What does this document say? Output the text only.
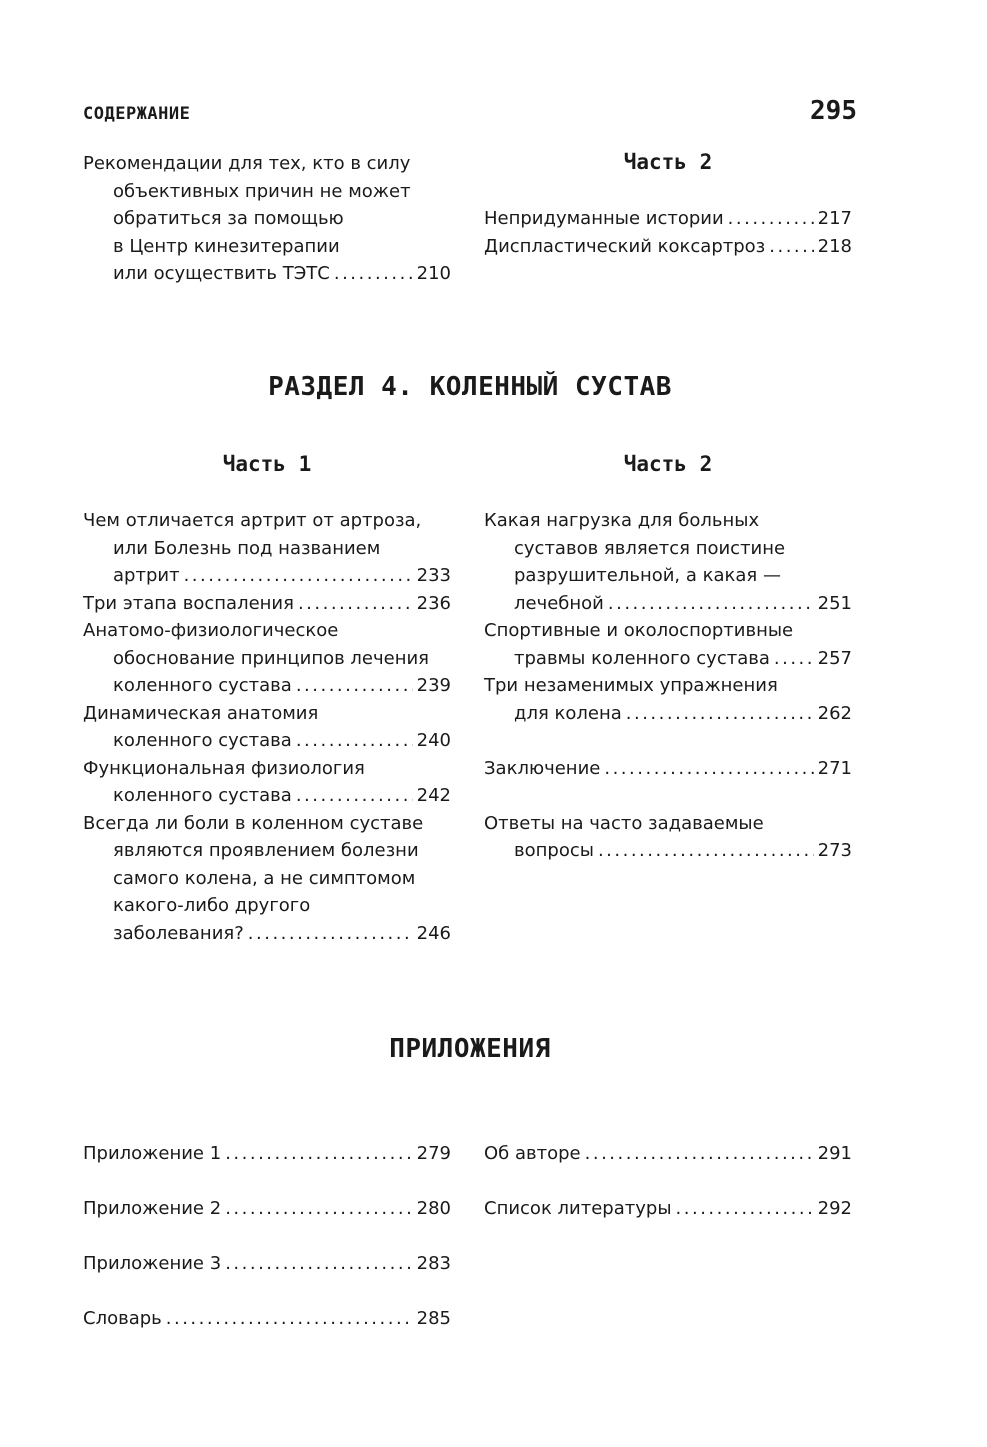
СОДЕРЖАНИЕ	295
Рекомендации для тех, кто в силу
объективных причин не может
обратиться за помощью
в Центр кинезитерапии
или осуществить ТЭТС .....	210
Часть 2
Непридуманные истории .....	217
Диспластический коксартроз .....	218
РАЗДЕЛ 4. КОЛЕННЫЙ СУСТАВ
Часть 1	Часть 2
Чем отличается артрит от артроза,
или Болезнь под названием
артрит .....	233
Три этапа воспаления .....	236
Анатомо-физиологическое
обоснование принципов лечения
коленного сустава .....	239
Динамическая анатомия
коленного сустава .....	240
Функциональная физиология
коленного сустава .....	242
Всегда ли боли в коленном суставе
являются проявлением болезни
самого колена, а не симптомом
какого-либо другого
заболевания? .....	246
Какая нагрузка для больных
суставов является поистине
разрушительной, а какая —
лечебной .....	251
Спортивные и околоспортивные
травмы коленного сустава .....	257
Три незаменимых упражнения
для колена .....	262
Заключение .....	271
Ответы на часто задаваемые
вопросы .....	273
ПРИЛОЖЕНИЯ
Приложение 1 .....	279
Приложение 2 .....	280
Приложение 3 .....	283
Словарь .....	285
Об авторе .....	291
Список литературы .....	292
